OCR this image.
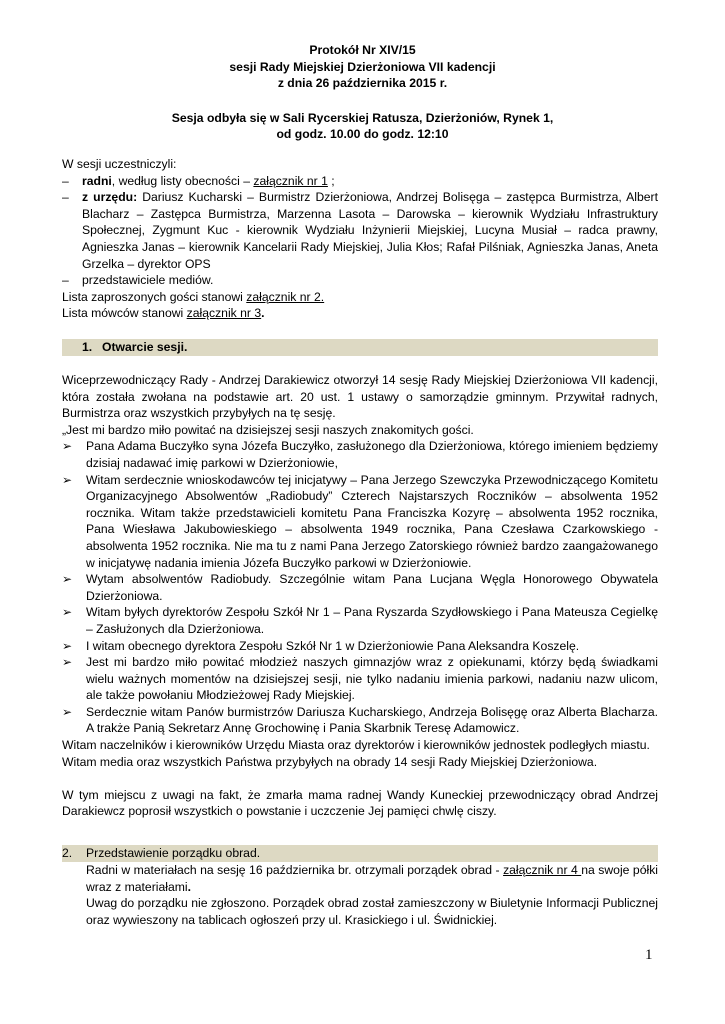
Protokół Nr XIV/15
sesji Rady Miejskiej Dzierżoniowa VII kadencji
z dnia 26 października 2015 r.
Sesja odbyła się w Sali Rycerskiej Ratusza, Dzierżoniów, Rynek 1,
od godz. 10.00 do godz. 12:10

W sesji uczestniczyli:

– radni, według listy obecności – załącznik nr 1 ;
– z urzędu: Dariusz Kucharski – Burmistrz Dzierżoniowa, Andrzej Bolisęga – zastępca Burmistrza, Albert Blacharz – Zastępca Burmistrza, Marzenna Lasota – Darowska – kierownik Wydziału Infrastruktury Społecznej, Zygmunt Kuc - kierownik Wydziału Inżynierii Miejskiej, Lucyna Musiał – radca prawny, Agnieszka Janas – kierownik Kancelarii Rady Miejskiej, Julia Kłos; Rafał Pilśniak, Agnieszka Janas, Aneta Grzelka – dyrektor OPS
– przedstawiciele mediów.

Lista zaproszonych gości stanowi załącznik nr 2.

Lista mówców stanowi załącznik nr 3.

1. Otwarcie sesji.

Wiceprzewodniczący Rady - Andrzej Darakiewicz otworzył 14 sesję Rady Miejskiej Dzierżoniowa VII kadencji, która została zwołana na podstawie art. 20 ust. 1 ustawy o samorządzie gminnym. Przywitał radnych, Burmistrza oraz wszystkich przybyłych na tę sesję.

„Jest mi bardzo miło powitać na dzisiejszej sesji naszych znakomitych gości.

➢ Pana Adama Buczyłko syna Józefa Buczyłko, zasłużonego dla Dzierżoniowa, którego imieniem będziemy dzisiaj nadawać imię parkowi w Dzierżoniowie,
➢ Witam serdecznie wnioskodawców tej inicjatywy – Pana Jerzego Szewczyka Przewodniczącego Komitetu Organizacyjnego Absolwentów „Radiobudy” Czterech Najstarszych Roczników – absolwenta 1952 rocznika. Witam także przedstawicieli komitetu Pana Franciszka Kozyrę – absolwenta 1952 rocznika, Pana Wiesława Jakubowieskiego – absolwenta 1949 rocznika, Pana Czesława Czarkowskiego - absolwenta 1952 rocznika. Nie ma tu z nami Pana Jerzego Zatorskiego również bardzo zaangażowanego w inicjatywę nadania imienia Józefa Buczyłko parkowi w Dzierżoniowie.
➢ Wytam absolwentów Radiobudy. Szczególnie witam Pana Lucjana Węgla Honorowego Obywatela Dzierżoniowa.
➢ Witam byłych dyrektorów Zespołu Szkół Nr 1 – Pana Ryszarda Szydłowskiego i Pana Mateusza Cegielkę – Zasłużonych dla Dzierżoniowa.
➢ I witam obecnego dyrektora Zespołu Szkół Nr 1 w Dzierżoniowie Pana Aleksandra Koszelę.
➢ Jest mi bardzo miło powitać młodzież naszych gimnazjów wraz z opiekunami, którzy będą świadkami wielu ważnych momentów na dzisiejszej sesji, nie tylko nadaniu imienia parkowi, nadaniu nazw ulicom, ale także powołaniu Młodzieżowej Rady Miejskiej.
➢ Serdecznie witam Panów burmistrzów Dariusza Kucharskiego, Andrzeja Bolisęgę oraz Alberta Blacharza. A trakże Panią Sekretarz Annę Grochowinę i Pania Skarbnik Teresę Adamowicz.

Witam naczelników i kierowników Urzędu Miasta oraz dyrektorów i kierowników jednostek podległych miastu.

Witam media oraz wszystkich Państwa przybyłych na obrady 14 sesji Rady Miejskiej Dzierżoniowa.

W tym miejscu z uwagi na fakt, że zmarła mama radnej Wandy Kuneckiej przewodniczący obrad Andrzej Darakiewcz poprosił wszystkich o powstanie i uczczenie Jej pamięci chwlę ciszy.

2. Przedstawienie porządku obrad.

Radni w materiałach na sesję 16 października br. otrzymali porządek obrad - załącznik nr 4 na swoje półki wraz z materiałami.

Uwag do porządku nie zgłoszono. Porządek obrad został zamieszczony w Biuletynie Informacji Publicznej oraz wywieszony na tablicach ogłoszeń przy ul. Krasickiego i ul. Świdnickiej.

1
